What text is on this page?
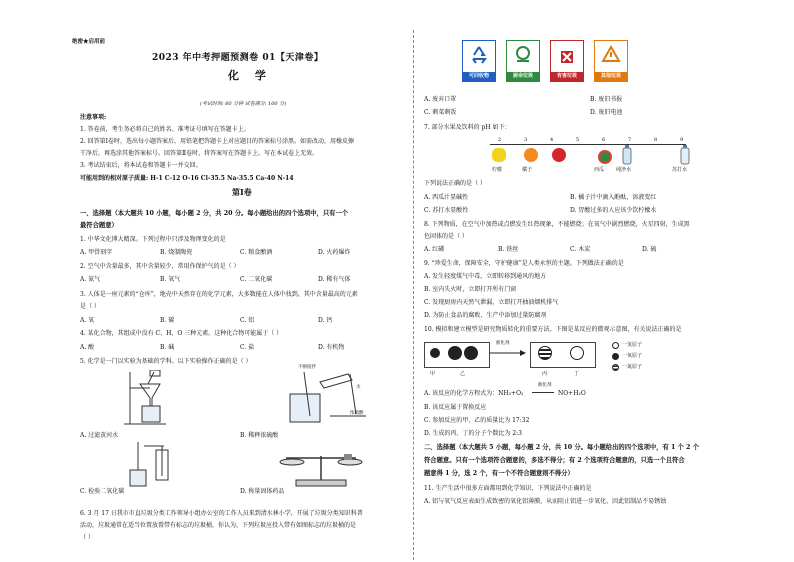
绝密★启用前
2023 年中考押题预测卷 01【天津卷】
化 学
(考试时间: 60 分钟 试卷满分: 100 分)
注意事项:
1. 答卷前，考生务必将自己的姓名、准考证号填写在答题卡上。
2. 回答第Ⅰ卷时，选出每小题答案后，用铅笔把答题卡上对应题目的答案标号涂黑。如需改动，用橡皮擦
干净后，再选涂其他答案标号。回答第Ⅱ卷时，将答案写在答题卡上。写在本试卷上无效。
3. 考试结束后，将本试卷和答题卡一并交回。
可能用到的相对原子质量: H-1 C-12 O-16 Cl-35.5 Na-35.5 Ca-40 N-14
第Ⅰ卷
一、选择题（本大题共 10 小题，每小题 2 分，共 20 分。每小题给出的四个选项中，只有一个
最符合题意）
1. 中华文化博大精深。下列过程中只涉及物理变化的是
A. 甲骨刻字	B. 烧制陶瓷	C. 粮食酿酒	D. 火药爆炸
2. 空气中含量最多，其中含量较少，常用作保护气的是（ ）
A. 氮气	B. 氧气	C. 二氧化碳	D. 稀有气体
3. 人体是一座元素的“仓库”，地壳中天然存在的化学元素，大多数能在人体中找到，其中含量最高的元素
是（ ）
A. 氧	B. 碳	C. 铝	D. 钙
4. 某化合物，其组成中没有 C、H、O 三种元素。这种化合物可能属于（ ）
A. 酸	B. 碱	C. 盐	D. 有机物
5. 化学是一门以实验为基础的学科。以下实验操作正确的是（ ）
不断搅拌
水
浓硫酸
A. 过滤黄河水	B. 稀释浓硫酸
C. 检验二氧化碳	D. 称量固体药品
6. 3 月 17 日我市市直垃圾分类工作领导小组办公室的工作人员来到清水林小学，开展了垃圾分类知识科普
活动，垃圾通常在适当位置放置带有标志的垃圾桶，你认为，下列垃圾应投入带有如图标志的垃圾桶的是
（ ）
可回收物	厨余垃圾	有害垃圾	其他垃圾
A. 废弃口罩	B. 废旧书报
C. 剩菜剩饭	D. 废旧电池
7. 部分水果及饮料的 pH 如下：
2	3	4	5	6	7	8	9
柠檬	橘子	西瓜 纯净水	苏打水
下列说法正确的是（ ）
A. 西瓜汁显碱性	B. 橘子汁中滴入酚酞，溶液变红
C. 苏打水显酸性	D. 胃酸过多的人应该少饮柠檬水
8. 下列物质，在空气中加热或点燃发生红热现象，不能燃烧；在氧气中剧烈燃烧，火星四射，生成黑
色固体的是（ ）
A. 红磷	B. 铁丝	C. 木炭	D. 硫
9. “珍爱生命，保障安全，守护健康”是人类永恒的主题。下列做法正确的是
A. 发生轻度煤气中毒，立即转移到通风的地方
B. 室内失火时，立即打开所有门窗
C. 发现厨房内天然气泄漏，立即打开抽油烟机排气
D. 为防止食品的腐败，生产中添加过量防腐剂
10. 模拟和建立模型是研究物质转化的重要方法。下图是某反应的微观示意图，有关说法正确的是
催化剂
甲	乙	丙	丁
一氢原子
一氧原子
一氮原子
A. 该反应的化学方程式为：NH₃+O₂
催化剂
NO+H₂O
B. 该反应属于置换反应
C. 参加反应的甲、乙的质量比为 17:32
D. 生成的丙、丁的分子个数比为 2:3
二、选择题（本大题共 5 小题，每小题 2 分，共 10 分。每小题给出的四个选项中，有 1 个 2 个
符合题意。只有一个选项符合题意的，多选不得分；有 2 个选项符合题意的，只选一个且符合
题意得 1 分，选 2 个，有一个不符合题意则不得分）
11. 生产生活中很多方面都用到化学知识，下列说法中正确的是
A. 铝与氧气反应表面生成致密的氧化铝薄膜，从而阻止铝进一步氧化，因此铝制品不易锈蚀
